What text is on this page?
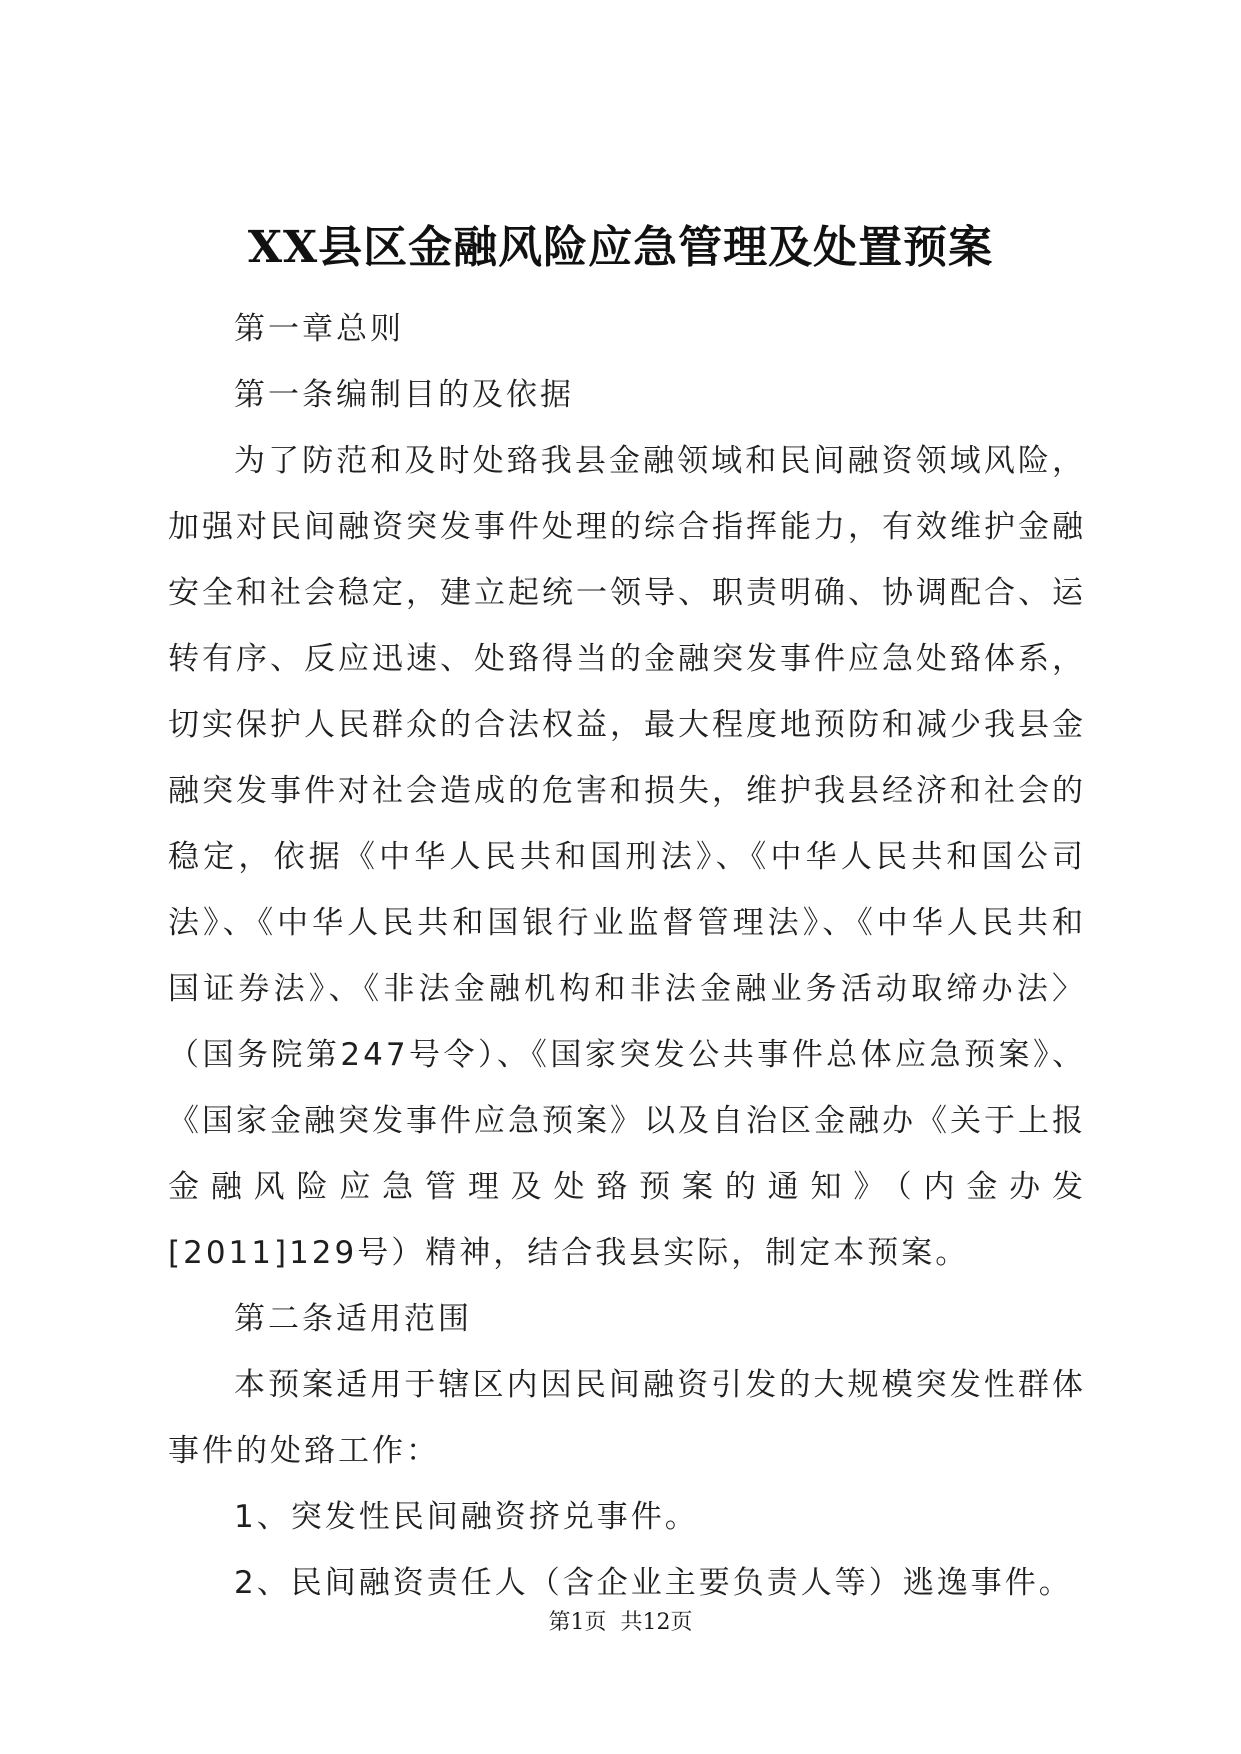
XX县区金融风险应急管理及处置预案

第一章总则

第一条编制目的及依据

为了防范和及时处臵我县金融领域和民间融资领域风险，加强对民间融资突发事件处理的综合指挥能力，有效维护金融安全和社会稳定，建立起统一领导、职责明确、协调配合、运转有序、反应迅速、处臵得当的金融突发事件应急处臵体系，切实保护人民群众的合法权益，最大程度地预防和减少我县金融突发事件对社会造成的危害和损失，维护我县经济和社会的稳定，依据《中华人民共和国刑法》、《中华人民共和国公司法》、《中华人民共和国银行业监督管理法》、《中华人民共和国证券法》、《非法金融机构和非法金融业务活动取缔办法〉（国务院第247号令）、《国家突发公共事件总体应急预案》、《国家金融突发事件应急预案》以及自治区金融办《关于上报金融风险应急管理及处臵预案的通知》（内金办发[2011]129号）精神，结合我县实际，制定本预案。

第二条适用范围

本预案适用于辖区内因民间融资引发的大规模突发性群体事件的处臵工作：

1、突发性民间融资挤兑事件。

2、民间融资责任人（含企业主要负责人等）逃逸事件。

第1页 共12页
